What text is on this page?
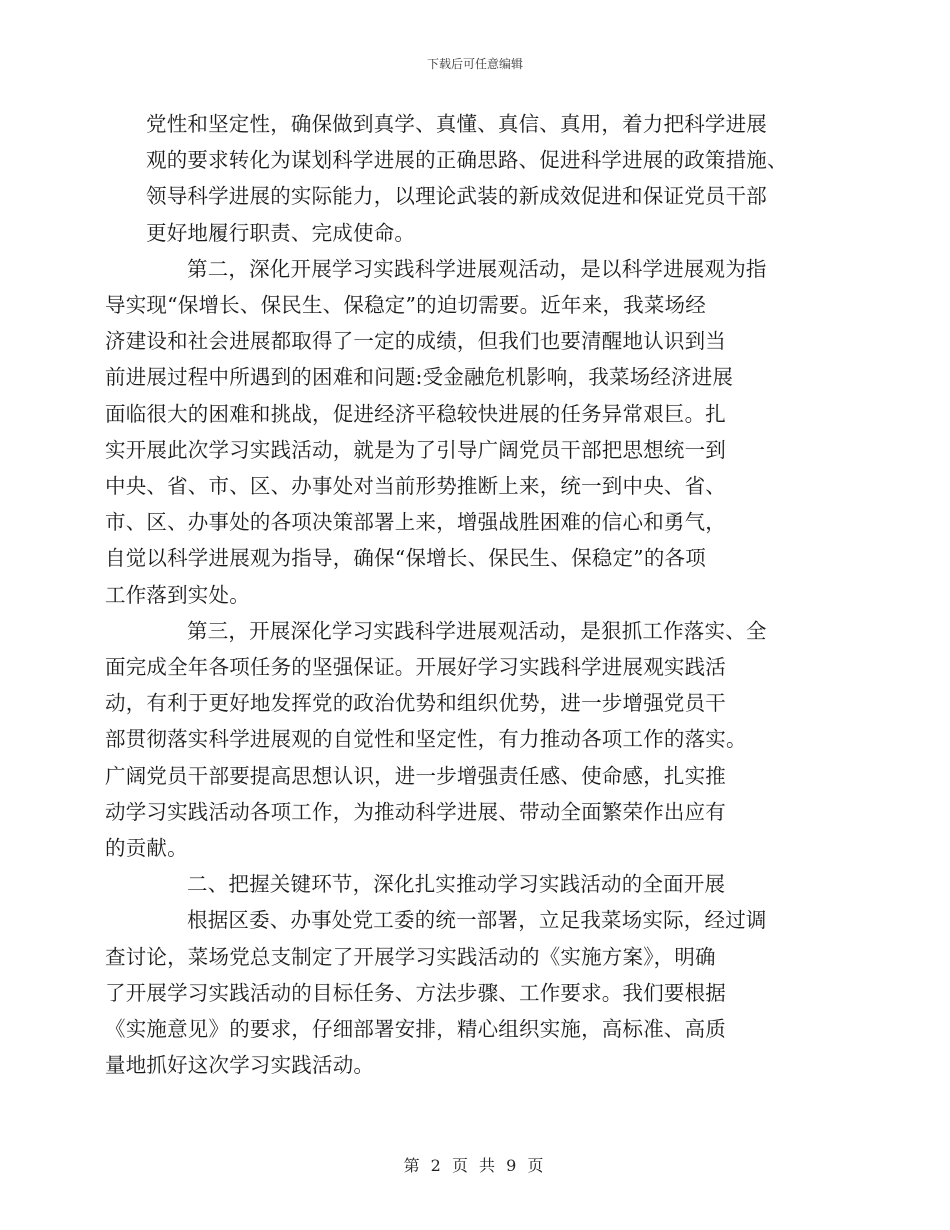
下载后可任意编辑

党性和坚定性，确保做到真学、真懂、真信、真用，着力把科学进展
观的要求转化为谋划科学进展的正确思路、促进科学进展的政策措施、
领导科学进展的实际能力，以理论武装的新成效促进和保证党员干部
更好地履行职责、完成使命。

第二，深化开展学习实践科学进展观活动，是以科学进展观为指
导实现“保增长、保民生、保稳定”的迫切需要。近年来，我菜场经
济建设和社会进展都取得了一定的成绩，但我们也要清醒地认识到当
前进展过程中所遇到的困难和问题:受金融危机影响，我菜场经济进展
面临很大的困难和挑战，促进经济平稳较快进展的任务异常艰巨。扎
实开展此次学习实践活动，就是为了引导广阔党员干部把思想统一到
中央、省、市、区、办事处对当前形势推断上来，统一到中央、省、
市、区、办事处的各项决策部署上来，增强战胜困难的信心和勇气，
自觉以科学进展观为指导，确保“保增长、保民生、保稳定”的各项
工作落到实处。

第三，开展深化学习实践科学进展观活动，是狠抓工作落实、全
面完成全年各项任务的坚强保证。开展好学习实践科学进展观实践活
动，有利于更好地发挥党的政治优势和组织优势，进一步增强党员干
部贯彻落实科学进展观的自觉性和坚定性，有力推动各项工作的落实。
广阔党员干部要提高思想认识，进一步增强责任感、使命感，扎实推
动学习实践活动各项工作，为推动科学进展、带动全面繁荣作出应有
的贡献。

二、把握关键环节，深化扎实推动学习实践活动的全面开展

根据区委、办事处党工委的统一部署，立足我菜场实际，经过调
查讨论，菜场党总支制定了开展学习实践活动的《实施方案》，明确
了开展学习实践活动的目标任务、方法步骤、工作要求。我们要根据
《实施意见》的要求，仔细部署安排，精心组织实施，高标准、高质
量地抓好这次学习实践活动。

第 2 页 共 9 页
